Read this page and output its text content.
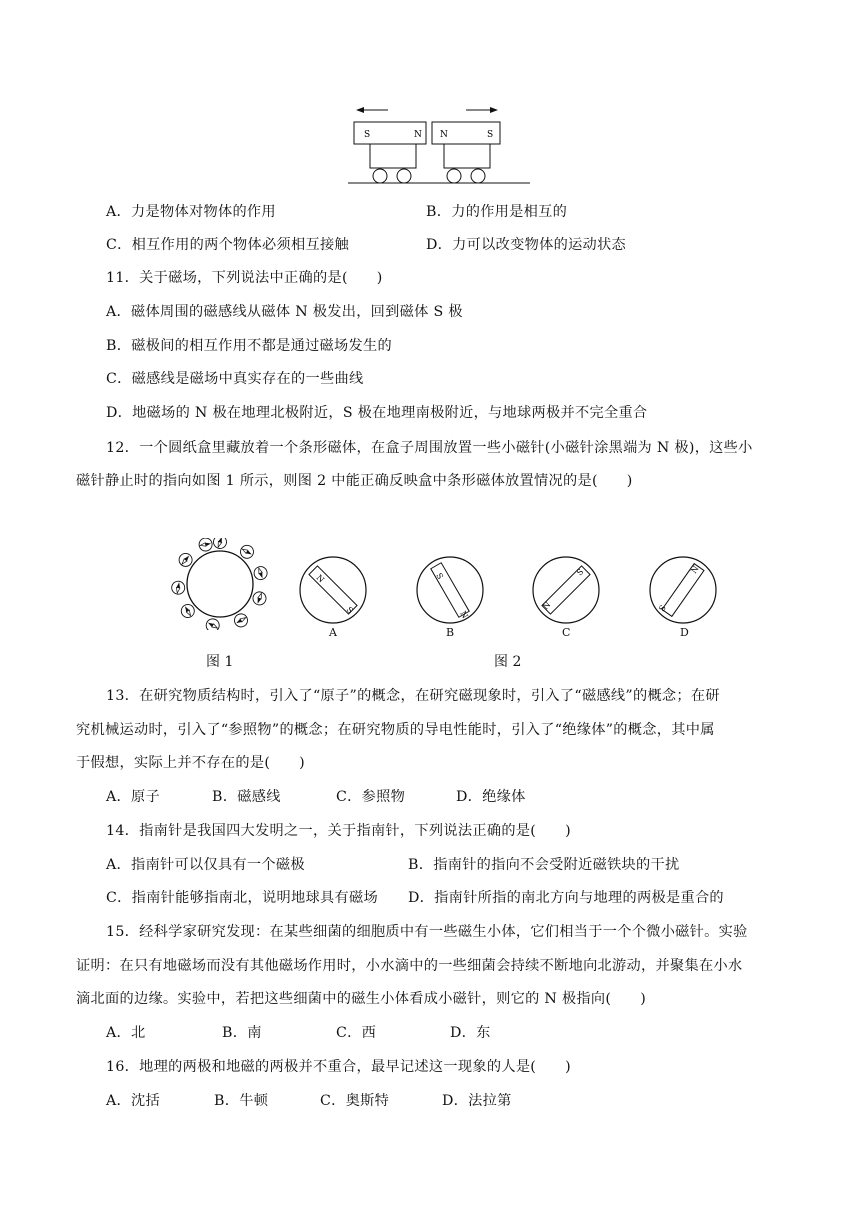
S	N N	S
A．力是物体对物体的作用	B．力的作用是相互的
C．相互作用的两个物体必须相互接触	D．力可以改变物体的运动状态
11．关于磁场，下列说法中正确的是(　　)
A．磁体周围的磁感线从磁体 N 极发出，回到磁体 S 极
B．磁极间的相互作用不都是通过磁场发生的
C．磁感线是磁场中真实存在的一些曲线
D．地磁场的 N 极在地理北极附近，S 极在地理南极附近，与地球两极并不完全重合
12．一个圆纸盒里藏放着一个条形磁体，在盒子周围放置一些小磁针(小磁针涂黑端为 N 极)，这些小
磁针静止时的指向如图 1 所示，则图 2 中能正确反映盒中条形磁体放置情况的是(　　)
N
S
S
N
S
N
N
S
A	B	C	D
图 1	图 2
13．在研究物质结构时，引入了“原子”的概念，在研究磁现象时，引入了“磁感线”的概念；在研
究机械运动时，引入了“参照物”的概念；在研究物质的导电性能时，引入了“绝缘体”的概念，其中属
于假想，实际上并不存在的是(　　)
A．原子	B．磁感线	C．参照物	D．绝缘体
14．指南针是我国四大发明之一，关于指南针，下列说法正确的是(　　)
A．指南针可以仅具有一个磁极	B．指南针的指向不会受附近磁铁块的干扰
C．指南针能够指南北，说明地球具有磁场 D．指南针所指的南北方向与地理的两极是重合的
15．经科学家研究发现：在某些细菌的细胞质中有一些磁生小体，它们相当于一个个微小磁针。实验
证明：在只有地磁场而没有其他磁场作用时，小水滴中的一些细菌会持续不断地向北游动，并聚集在小水
滴北面的边缘。实验中，若把这些细菌中的磁生小体看成小磁针，则它的 N 极指向(　　)
A．北	B．南	C．西	D．东
16．地理的两极和地磁的两极并不重合，最早记述这一现象的人是(　　)
A．沈括	B．牛顿	C．奥斯特	D．法拉第
